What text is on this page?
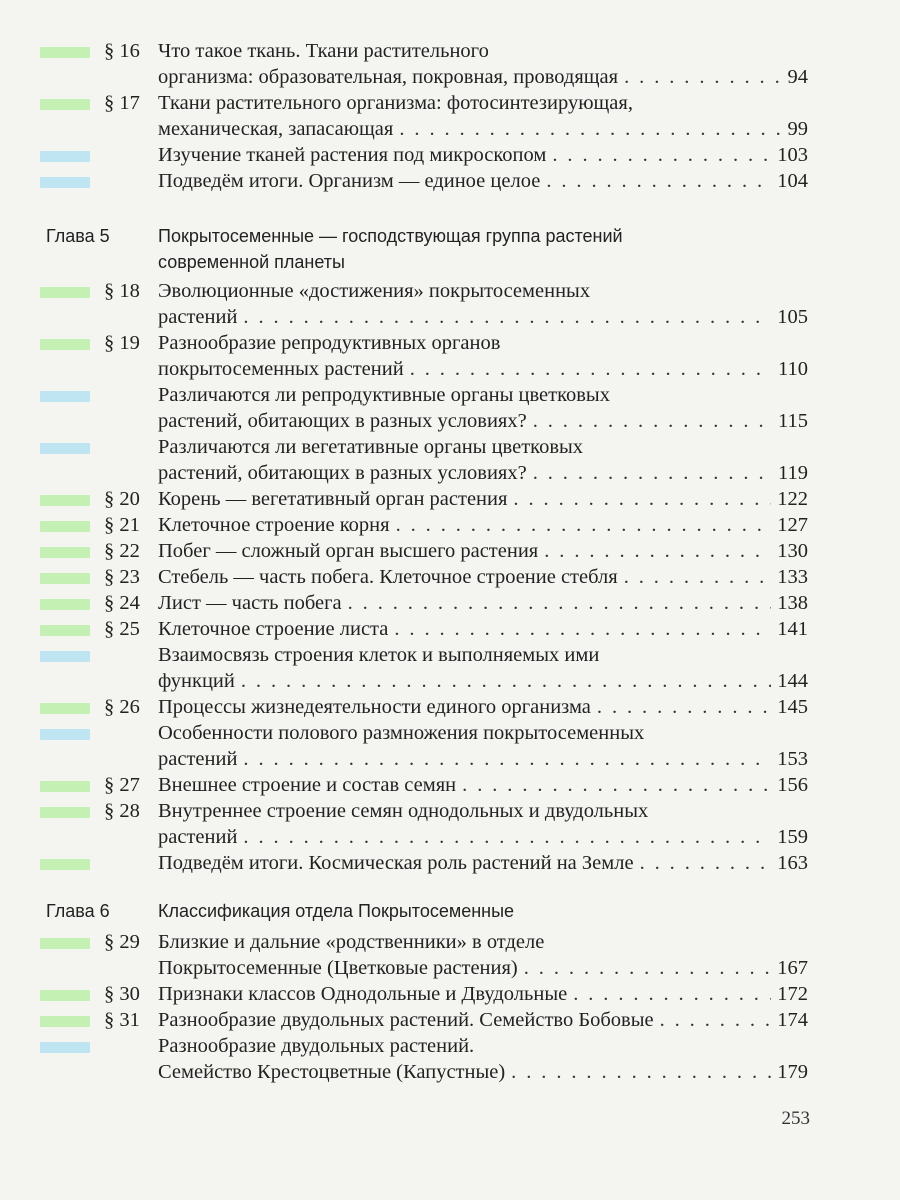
§ 16 Что такое ткань. Ткани растительного
организма: образовательная, покровная, проводящая . . .	94
§ 17 Ткани растительного организма: фотосинтезирующая,
механическая, запасающая . . .	99
Изучение тканей растения под микроскопом . . .	103
Подведём итоги. Организм — единое целое . . .	104
Глава 5	Покрытосеменные — господствующая группа растений
современной планеты
§ 18 Эволюционные «достижения» покрытосеменных
растений . . .	105
§ 19 Разнообразие репродуктивных органов
покрытосеменных растений . . .	110
Различаются ли репродуктивные органы цветковых
растений, обитающих в разных условиях? . . .	115
Различаются ли вегетативные органы цветковых
растений, обитающих в разных условиях? . . .	119
§ 20 Корень — вегетативный орган растения . . .	122
§ 21 Клеточное строение корня . . .	127
§ 22 Побег — сложный орган высшего растения . . .	130
§ 23 Стебель — часть побега. Клеточное строение стебля . . .	133
§ 24 Лист — часть побега . . .	138
§ 25 Клеточное строение листа . . .	141
Взаимосвязь строения клеток и выполняемых ими
функций . . .	144
§ 26 Процессы жизнедеятельности единого организма . . .	145
Особенности полового размножения покрытосеменных
растений . . .	153
§ 27 Внешнее строение и состав семян . . .	156
§ 28 Внутреннее строение семян однодольных и двудольных
растений . . .	159
Подведём итоги. Космическая роль растений на Земле . . .	163
Глава 6	Классификация отдела Покрытосеменные
§ 29 Близкие и дальние «родственники» в отделе
Покрытосеменные (Цветковые растения) . . .	167
§ 30 Признаки классов Однодольные и Двудольные . . .	172
§ 31 Разнообразие двудольных растений. Семейство Бобовые . . .	174
Разнообразие двудольных растений.
Семейство Крестоцветные (Капустные) . . .	179
253
